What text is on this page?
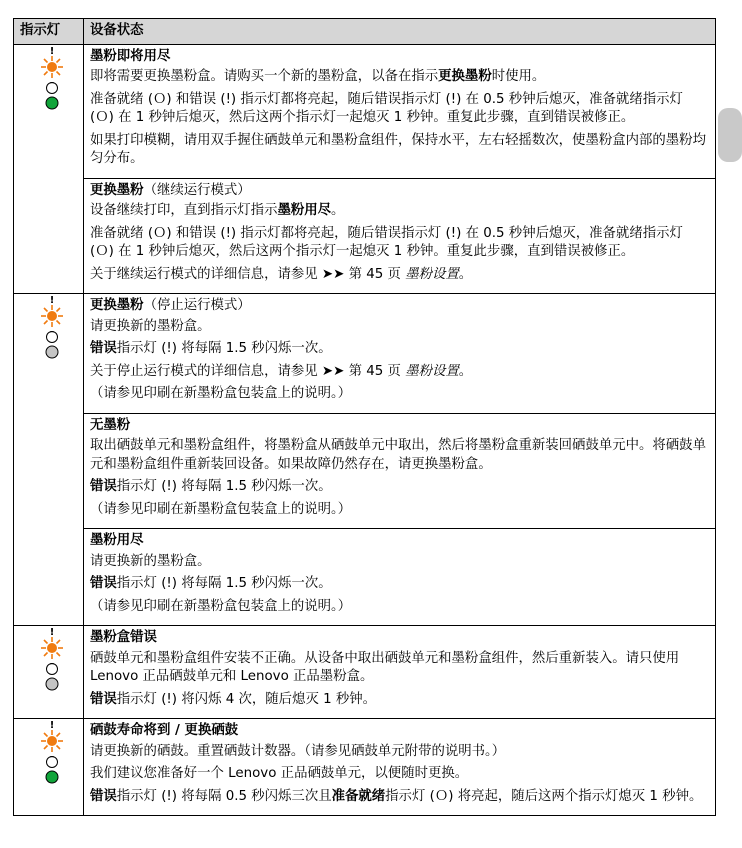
指示灯	设备状态

!	墨粉即将用尽

即将需要更换墨粉盒。请购买一个新的墨粉盒，以备在指示更换墨粉时使用。

准备就绪 (Ｏ) 和错误 (!) 指示灯都将亮起，随后错误指示灯 (!) 在 0.5 秒钟后熄灭，准备就绪指示灯 (Ｏ) 在 1 秒钟后熄灭，然后这两个指示灯一起熄灭 1 秒钟。重复此步骤，直到错误被修正。

如果打印模糊，请用双手握住硒鼓单元和墨粉盒组件，保持水平，左右轻摇数次，使墨粉盒内部的墨粉均匀分布。

	更换墨粉（继续运行模式）

设备继续打印，直到指示灯指示墨粉用尽。

准备就绪 (Ｏ) 和错误 (!) 指示灯都将亮起，随后错误指示灯 (!) 在 0.5 秒钟后熄灭，准备就绪指示灯 (Ｏ) 在 1 秒钟后熄灭，然后这两个指示灯一起熄灭 1 秒钟。重复此步骤，直到错误被修正。

关于继续运行模式的详细信息，请参见 ➤➤ 第 45 页 墨粉设置。

!	更换墨粉（停止运行模式）

请更换新的墨粉盒。

错误指示灯 (!) 将每隔 1.5 秒闪烁一次。

关于停止运行模式的详细信息，请参见 ➤➤ 第 45 页 墨粉设置。

（请参见印刷在新墨粉盒包装盒上的说明。）

	无墨粉

取出硒鼓单元和墨粉盒组件，将墨粉盒从硒鼓单元中取出，然后将墨粉盒重新装回硒鼓单元中。将硒鼓单元和墨粉盒组件重新装回设备。如果故障仍然存在，请更换墨粉盒。

错误指示灯 (!) 将每隔 1.5 秒闪烁一次。

（请参见印刷在新墨粉盒包装盒上的说明。）

	墨粉用尽

请更换新的墨粉盒。

错误指示灯 (!) 将每隔 1.5 秒闪烁一次。

（请参见印刷在新墨粉盒包装盒上的说明。）

!	墨粉盒错误

硒鼓单元和墨粉盒组件安装不正确。从设备中取出硒鼓单元和墨粉盒组件，然后重新装入。请只使用 Lenovo 正品硒鼓单元和 Lenovo 正品墨粉盒。

错误指示灯 (!) 将闪烁 4 次，随后熄灭 1 秒钟。

!	硒鼓寿命将到 / 更换硒鼓

请更换新的硒鼓。重置硒鼓计数器。（请参见硒鼓单元附带的说明书。）

我们建议您准备好一个 Lenovo 正品硒鼓单元，以便随时更换。

错误指示灯 (!) 将每隔 0.5 秒闪烁三次且准备就绪指示灯 (Ｏ) 将亮起，随后这两个指示灯熄灭 1 秒钟。
